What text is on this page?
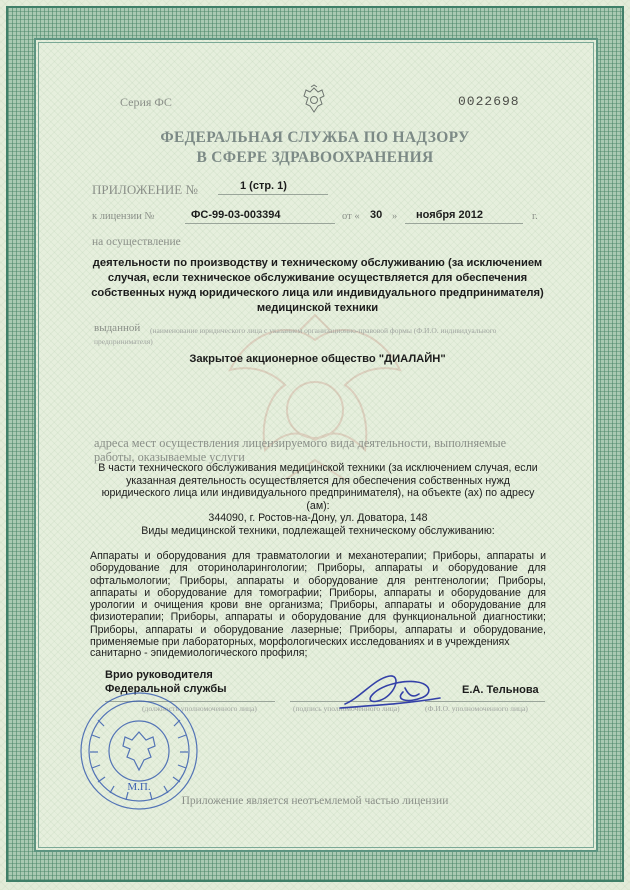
Серия ФС	0022698
ФЕДЕРАЛЬНАЯ СЛУЖБА ПО НАДЗОРУ
В СФЕРЕ ЗДРАВООХРАНЕНИЯ
ПРИЛОЖЕНИЕ №	1 (стр. 1)
к лицензии №	ФС-99-03-003394	от « 30 » ноября 2012	г.
на осуществление
деятельности по производству и техническому обслуживанию (за исключением случая, если техническое обслуживание осуществляется для обеспечения собственных нужд юридического лица или индивидуального предпринимателя) медицинской техники
выданной (наименование юридического лица с указанием организационно-правовой формы (Ф.И.О. индивидуального
предпринимателя)
Закрытое акционерное общество "ДИАЛАЙН"
адреса мест осуществления лицензируемого вида деятельности, выполняемые работы, оказываемые услуги
В части технического обслуживания медицинской техники (за исключением случая, если указанная деятельность осуществляется для обеспечения собственных нужд юридического лица или индивидуального предпринимателя), на объекте (ах) по адресу (ам):
344090, г. Ростов-на-Дону, ул. Доватора, 148
Виды медицинской техники, подлежащей техническому обслуживанию:
Аппараты и оборудования для травматологии и механотерапии; Приборы, аппараты и оборудование для оториноларингологии; Приборы, аппараты и оборудование для офтальмологии; Приборы, аппараты и оборудование для рентгенологии; Приборы, аппараты и оборудование для томографии; Приборы, аппараты и оборудование для урологии и очищения крови вне организма; Приборы, аппараты и оборудование для физиотерапии; Приборы, аппараты и оборудование для функциональной диагностики; Приборы, аппараты и оборудование лазерные; Приборы, аппараты и оборудование, применяемые при лабораторных, морфологических исследованиях и в учреждениях
санитарно - эпидемиологического профиля;
Врио руководителя
Федеральной службы
(должность уполномоченного лица)	(подпись уполномоченного лица)	(Ф.И.О. уполномоченного лица)
Е.А. Тельнова
М.П.
Приложение является неотъемлемой частью лицензии
